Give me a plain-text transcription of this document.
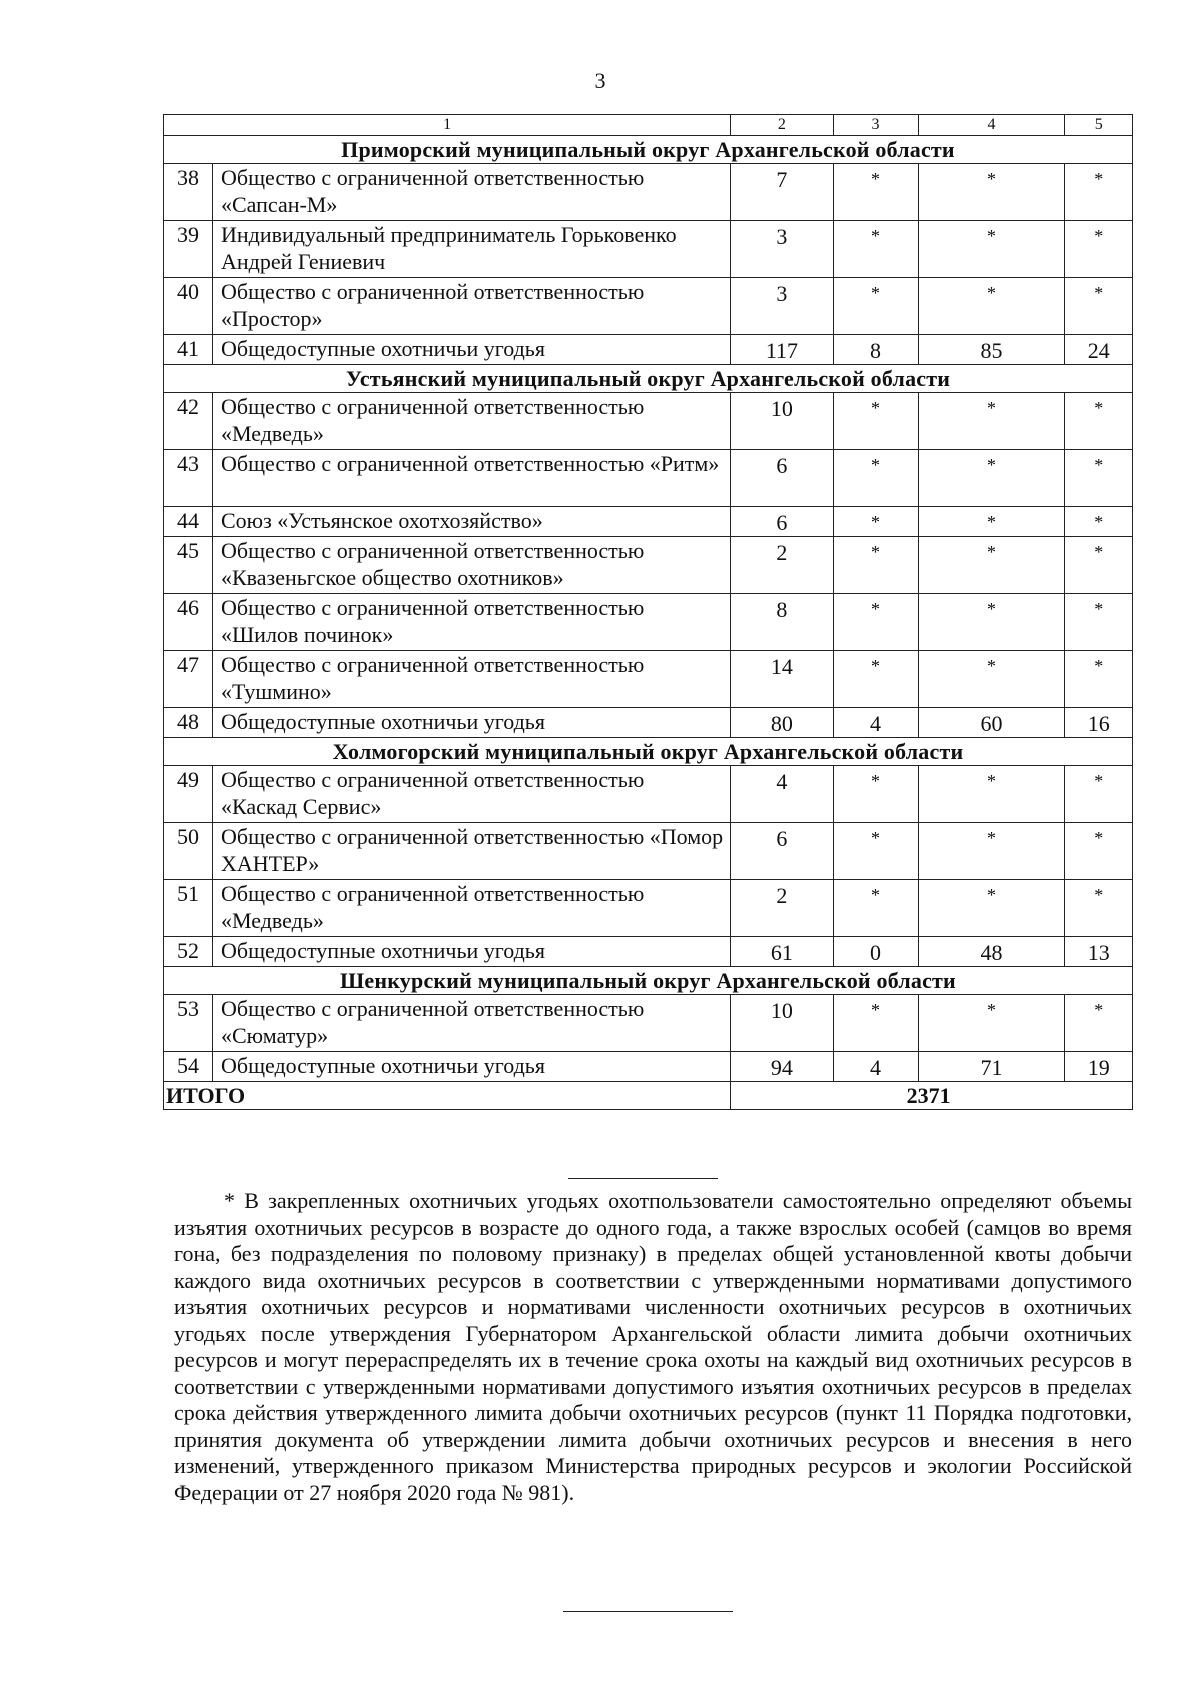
3
1		2	3	4	5
Приморский муниципальный округ Архангельской области					
38	Общество с ограниченной ответственностью «Сапсан-М»	7	*	*	*
39	Индивидуальный предприниматель Горьковенко Андрей Гениевич	3	*	*	*
40	Общество с ограниченной ответственностью «Простор»	3	*	*	*
41	Общедоступные охотничьи угодья	117	8	85	24
Устьянский муниципальный округ Архангельской области					
42	Общество с ограниченной ответственностью «Медведь»	10	*	*	*
43	Общество с ограниченной ответственностью «Ритм»	6	*	*	*
44	Союз «Устьянское охотхозяйство»	6	*	*	*
45	Общество с ограниченной ответственностью «Квазеньгское общество охотников»	2	*	*	*
46	Общество с ограниченной ответственностью «Шилов починок»	8	*	*	*
47	Общество с ограниченной ответственностью «Тушмино»	14	*	*	*
48	Общедоступные охотничьи угодья	80	4	60	16
Холмогорский муниципальный округ Архангельской области					
49	Общество с ограниченной ответственностью «Каскад Сервис»	4	*	*	*
50	Общество с ограниченной ответственностью «Помор ХАНТЕР»	6	*	*	*
51	Общество с ограниченной ответственностью «Медведь»	2	*	*	*
52	Общедоступные охотничьи угодья	61	0	48	13
Шенкурский муниципальный округ Архангельской области					
53	Общество с ограниченной ответственностью «Сюматур»	10	*	*	*
54	Общедоступные охотничьи угодья	94	4	71	19
ИТОГО		2371			

* В закрепленных охотничьих угодьях охотпользователи самостоятельно определяют объемы изъятия охотничьих ресурсов в возрасте до одного года, а также взрослых особей (самцов во время гона, без подразделения по половому признаку) в пределах общей установленной квоты добычи каждого вида охотничьих ресурсов в соответствии с утвержденными нормативами допустимого изъятия охотничьих ресурсов и нормативами численности охотничьих ресурсов в охотничьих угодьях после утверждения Губернатором Архангельской области лимита добычи охотничьих ресурсов и могут перераспределять их в течение срока охоты на каждый вид охотничьих ресурсов в соответствии с утвержденными нормативами допустимого изъятия охотничьих ресурсов в пределах срока действия утвержденного лимита добычи охотничьих ресурсов (пункт 11 Порядка подготовки, принятия документа об утверждении лимита добычи охотничьих ресурсов и внесения в него изменений, утвержденного приказом Министерства природных ресурсов и экологии Российской Федерации от 27 ноября 2020 года № 981).
